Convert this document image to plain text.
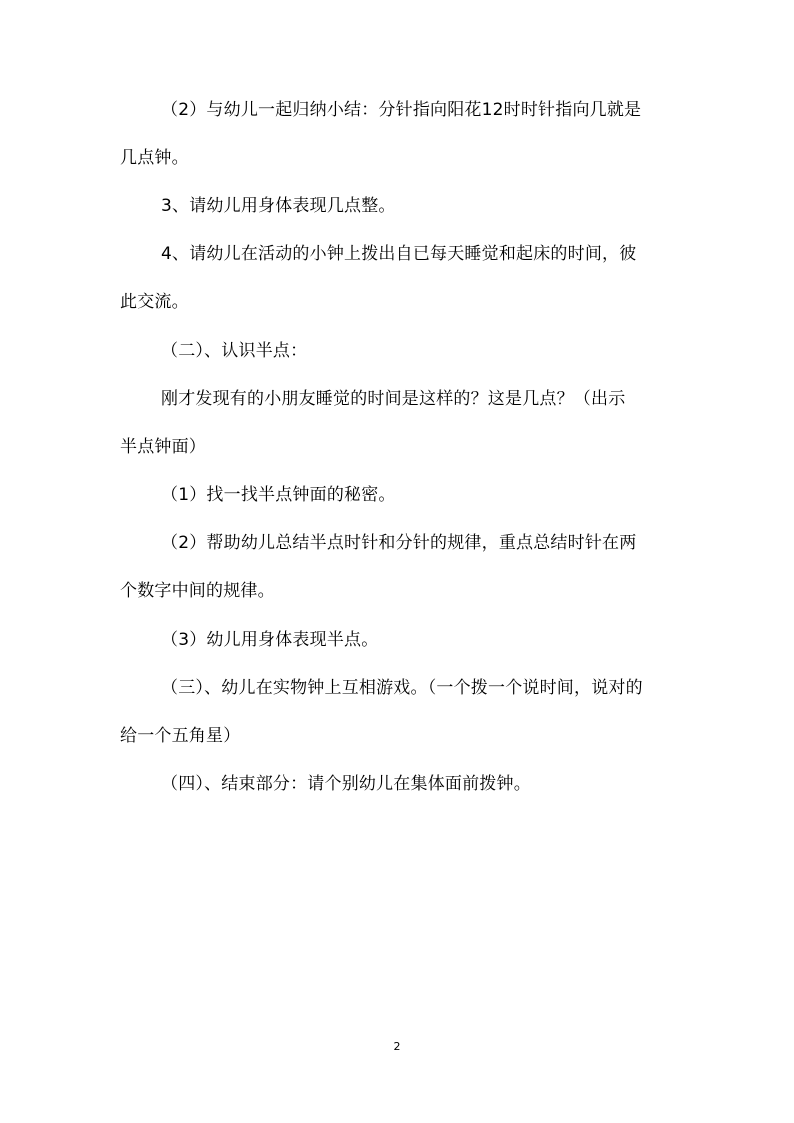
（2）与幼儿一起归纳小结：分针指向阳花12时时针指向几就是
几点钟。
3、请幼儿用身体表现几点整。
4、请幼儿在活动的小钟上拨出自已每天睡觉和起床的时间，彼
此交流。
（二）、认识半点：
刚才发现有的小朋友睡觉的时间是这样的？这是几点？（出示
半点钟面）
（1）找一找半点钟面的秘密。
（2）帮助幼儿总结半点时针和分针的规律，重点总结时针在两
个数字中间的规律。
（3）幼儿用身体表现半点。
（三）、幼儿在实物钟上互相游戏。（一个拨一个说时间，说对的
给一个五角星）
（四）、结束部分：请个别幼儿在集体面前拨钟。
2
